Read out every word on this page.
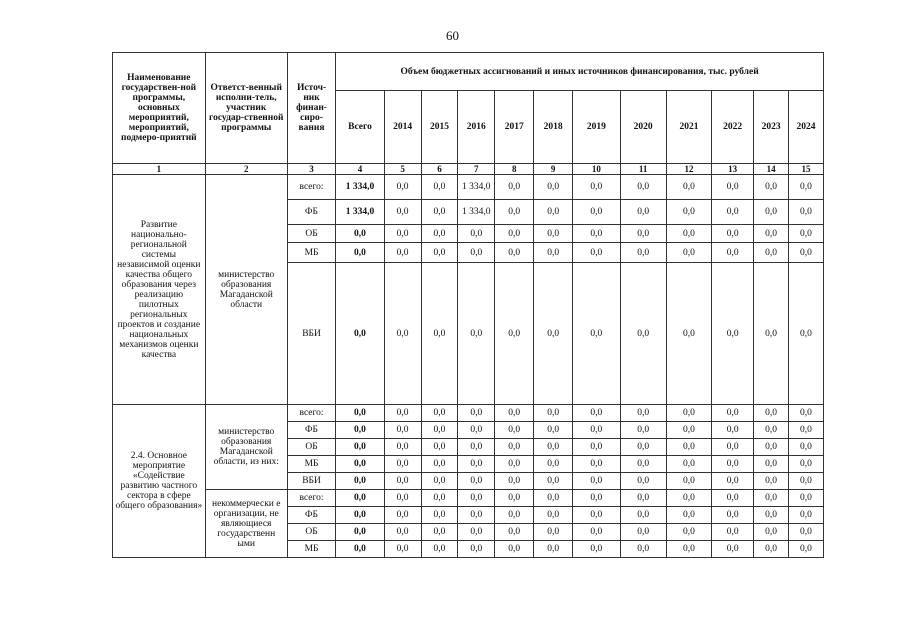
60
Наименование государствен-ной программы, основных мероприятий, мероприятий, подмеро-приятий	Ответст-венный исполни-тель, участник государ-ственной программы	Источ-ник финан-сиро-вания	Объем бюджетных ассигнований и иных источников финансирования, тыс. рублей											
			Всего	2014	2015	2016	2017	2018	2019	2020	2021	2022	2023	2024
1	2	3	4	5	6	7	8	9	10	11	12	13	14	15
Развитие национально-региональной системы независимой оценки качества общего образования через реализацию пилотных региональных проектов и создание национальных механизмов оценки качества	министерство образования Магаданской области	всего:	1 334,0	0,0	0,0	1 334,0	0,0	0,0	0,0	0,0	0,0	0,0	0,0	0,0
		ФБ	1 334,0	0,0	0,0	1 334,0	0,0	0,0	0,0	0,0	0,0	0,0	0,0	0,0
		ОБ	0,0	0,0	0,0	0,0	0,0	0,0	0,0	0,0	0,0	0,0	0,0	0,0
		МБ	0,0	0,0	0,0	0,0	0,0	0,0	0,0	0,0	0,0	0,0	0,0	0,0
		ВБИ	0,0	0,0	0,0	0,0	0,0	0,0	0,0	0,0	0,0	0,0	0,0	0,0
2.4. Основное мероприятие «Содействие развитию частного сектора в сфере общего образования»	министерство образования Магаданской области, из них:	всего:	0,0	0,0	0,0	0,0	0,0	0,0	0,0	0,0	0,0	0,0	0,0	0,0
		ФБ	0,0	0,0	0,0	0,0	0,0	0,0	0,0	0,0	0,0	0,0	0,0	0,0
		ОБ	0,0	0,0	0,0	0,0	0,0	0,0	0,0	0,0	0,0	0,0	0,0	0,0
		МБ	0,0	0,0	0,0	0,0	0,0	0,0	0,0	0,0	0,0	0,0	0,0	0,0
		ВБИ	0,0	0,0	0,0	0,0	0,0	0,0	0,0	0,0	0,0	0,0	0,0	0,0
	некоммерчески е организации, не являющиеся государственн ыми	всего:	0,0	0,0	0,0	0,0	0,0	0,0	0,0	0,0	0,0	0,0	0,0	0,0
		ФБ	0,0	0,0	0,0	0,0	0,0	0,0	0,0	0,0	0,0	0,0	0,0	0,0
		ОБ	0,0	0,0	0,0	0,0	0,0	0,0	0,0	0,0	0,0	0,0	0,0	0,0
		МБ	0,0	0,0	0,0	0,0	0,0	0,0	0,0	0,0	0,0	0,0	0,0	0,0
